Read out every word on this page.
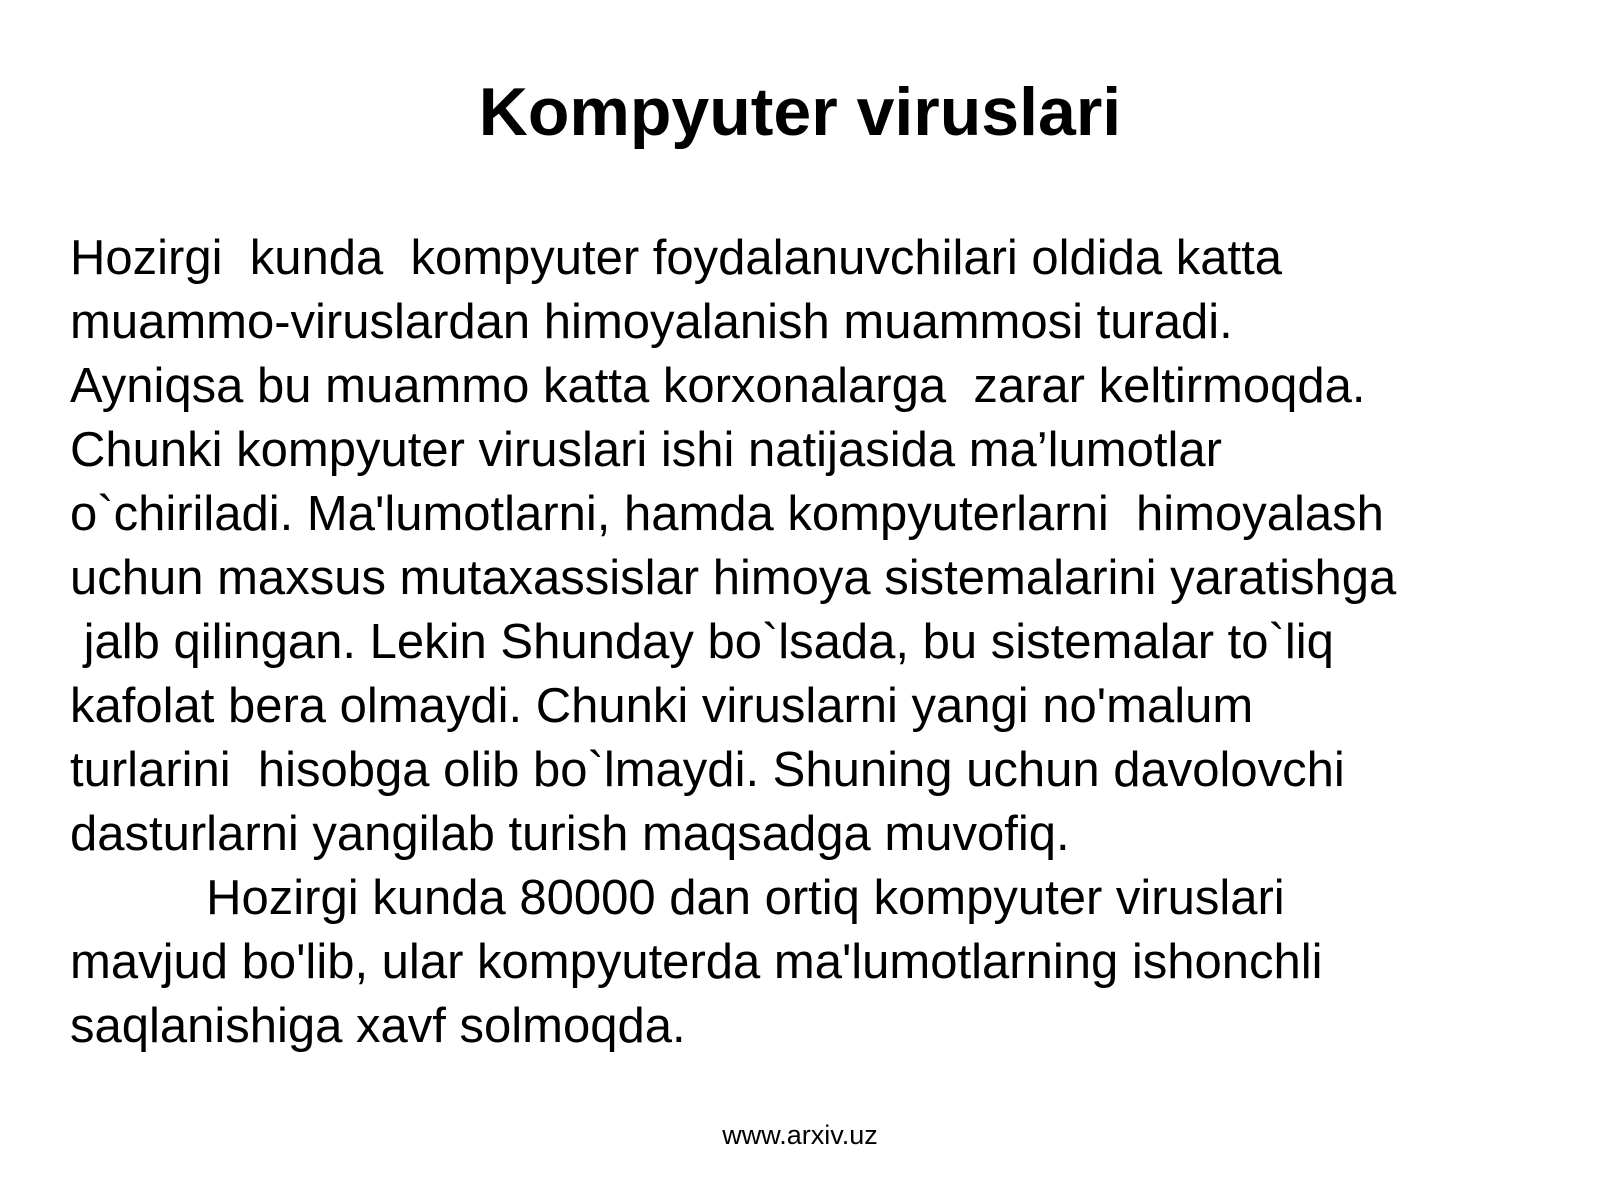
Kompyuter viruslari
Hozirgi  kunda  kompyuter foydalanuvchilari oldida katta
muammo-viruslardan himoyalanish muammosi turadi.
Ayniqsa bu muammo katta korxonalarga  zarar keltirmoqda.
Chunki kompyuter viruslari ishi natijasida ma’lumotlar
o`chiriladi. Ma'lumotlarni, hamda kompyuterlarni  himoyalash
uchun maxsus mutaxassislar himoya sistemalarini yaratishga
jalb qilingan. Lekin Shunday bo`lsada, bu sistemalar to`liq
kafolat bera olmaydi. Chunki viruslarni yangi no'malum
turlarini  hisobga olib bo`lmaydi. Shuning uchun davolovchi
dasturlarni yangilab turish maqsadga muvofiq.
Hozirgi kunda 80000 dan ortiq kompyuter viruslari
mavjud bo'lib, ular kompyuterda ma'lumotlarning ishonchli
saqlanishiga xavf solmoqda.
www.arxiv.uz
